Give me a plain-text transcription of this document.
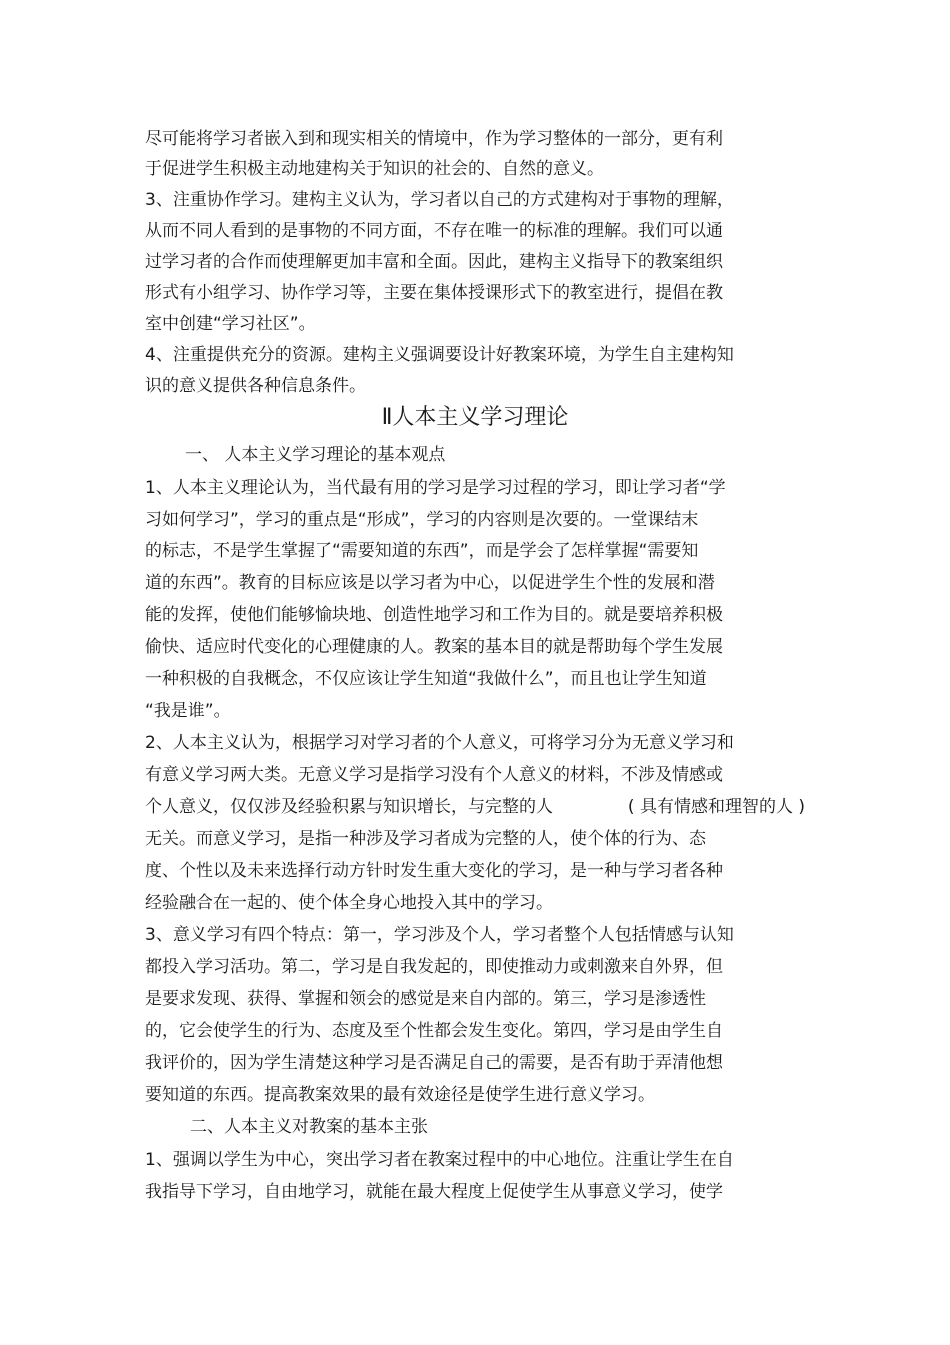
尽可能将学习者嵌入到和现实相关的情境中，作为学习整体的一部分，更有利
于促进学生积极主动地建构关于知识的社会的、自然的意义。
3、注重协作学习。建构主义认为，学习者以自己的方式建构对于事物的理解，
从而不同人看到的是事物的不同方面，不存在唯一的标准的理解。我们可以通
过学习者的合作而使理解更加丰富和全面。因此，建构主义指导下的教案组织
形式有小组学习、协作学习等，主要在集体授课形式下的教室进行，提倡在教
室中创建“学习社区”。
4、注重提供充分的资源。建构主义强调要设计好教案环境，为学生自主建构知
识的意义提供各种信息条件。
Ⅱ人本主义学习理论
一、 人本主义学习理论的基本观点
1、人本主义理论认为，当代最有用的学习是学习过程的学习，即让学习者“学
习如何学习”，学习的重点是“形成”，学习的内容则是次要的。一堂课结末
的标志，不是学生掌握了“需要知道的东西”，而是学会了怎样掌握“需要知
道的东西”。教育的目标应该是以学习者为中心，以促进学生个性的发展和潜
能的发挥，使他们能够愉块地、创造性地学习和工作为目的。就是要培养积极
偷快、适应时代变化的心理健康的人。教案的基本目的就是帮助每个学生发展
一种积极的自我概念，不仅应该让学生知道“我做什么”，而且也让学生知道
“我是谁”。
2、人本主义认为，根据学习对学习者的个人意义，可将学习分为无意义学习和
有意义学习两大类。无意义学习是指学习没有个人意义的材料，不涉及情感或
个人意义，仅仅涉及经验积累与知识增长，与完整的人	( 具有情感和理智的人 )
无关。而意义学习，是指一种涉及学习者成为完整的人，使个体的行为、态
度、个性以及未来选择行动方针时发生重大变化的学习，是一种与学习者各种
经验融合在一起的、使个体全身心地投入其中的学习。
3、意义学习有四个特点：第一，学习涉及个人，学习者整个人包括情感与认知
都投入学习活功。第二，学习是自我发起的，即使推动力或刺激来自外界，但
是要求发现、获得、掌握和领会的感觉是来自内部的。第三，学习是渗透性
的，它会使学生的行为、态度及至个性都会发生变化。第四，学习是由学生自
我评价的，因为学生清楚这种学习是否满足自己的需要，是否有助于弄清他想
要知道的东西。提高教案效果的最有效途径是使学生进行意义学习。
二、人本主义对教案的基本主张
1、强调以学生为中心，突出学习者在教案过程中的中心地位。注重让学生在自
我指导下学习，自由地学习，就能在最大程度上促使学生从事意义学习，使学
